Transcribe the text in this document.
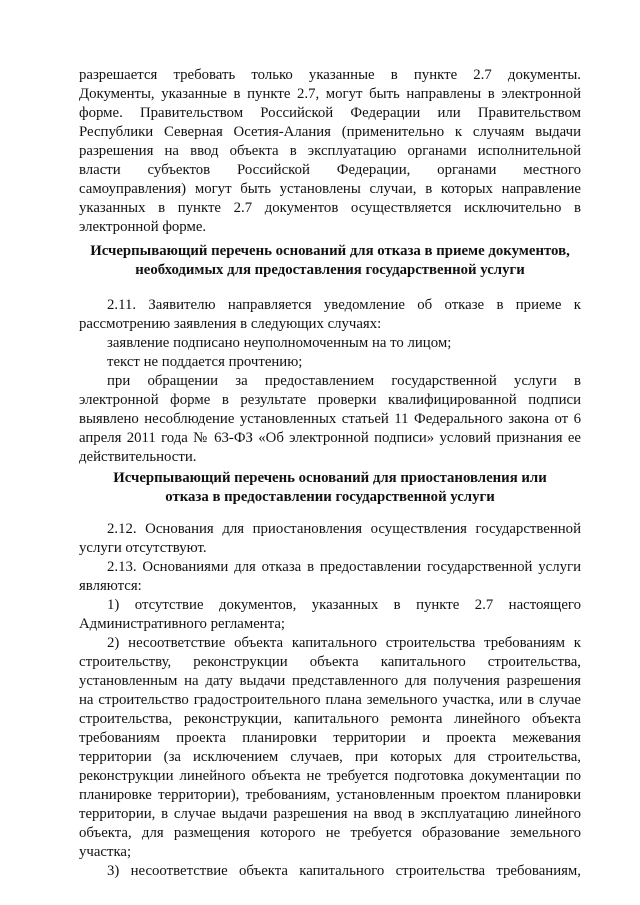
разрешается требовать только указанные в пункте 2.7 документы.
Документы, указанные в пункте 2.7, могут быть направлены в электронной
форме. Правительством Российской Федерации или Правительством
Республики Северная Осетия-Алания (применительно к случаям выдачи
разрешения на ввод объекта в эксплуатацию органами исполнительной
власти субъектов Российской Федерации, органами местного
самоуправления) могут быть установлены случаи, в которых направление
указанных в пункте 2.7 документов осуществляется исключительно в
электронной форме.
Исчерпывающий перечень оснований для отказа в приеме документов,
необходимых для предоставления государственной услуги
2.11. Заявителю направляется уведомление об отказе в приеме к
рассмотрению заявления в следующих случаях:
заявление подписано неуполномоченным на то лицом;
текст не поддается прочтению;
при обращении за предоставлением государственной услуги в
электронной форме в результате проверки квалифицированной подписи
выявлено несоблюдение установленных статьей 11 Федерального закона от 6
апреля 2011 года № 63-ФЗ «Об электронной подписи» условий признания ее
действительности.
Исчерпывающий перечень оснований для приостановления или
отказа в предоставлении государственной услуги
2.12. Основания для приостановления осуществления государственной
услуги отсутствуют.
2.13. Основаниями для отказа в предоставлении государственной услуги
являются:
1) отсутствие документов, указанных в пункте 2.7 настоящего
Административного регламента;
2) несоответствие объекта капитального строительства требованиям к
строительству, реконструкции объекта капитального строительства,
установленным на дату выдачи представленного для получения разрешения
на строительство градостроительного плана земельного участка, или в случае
строительства, реконструкции, капитального ремонта линейного объекта
требованиям проекта планировки территории и проекта межевания
территории (за исключением случаев, при которых для строительства,
реконструкции линейного объекта не требуется подготовка документации по
планировке территории), требованиям, установленным проектом планировки
территории, в случае выдачи разрешения на ввод в эксплуатацию линейного
объекта, для размещения которого не требуется образование земельного
участка;
3) несоответствие объекта капитального строительства требованиям,
